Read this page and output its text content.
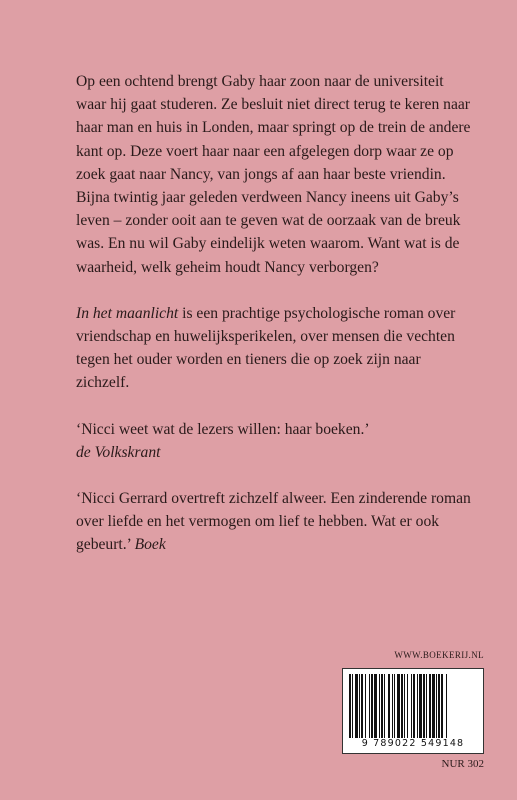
Op een ochtend brengt Gaby haar zoon naar de universiteit waar hij gaat studeren. Ze besluit niet direct terug te keren naar haar man en huis in Londen, maar springt op de trein de andere kant op. Deze voert haar naar een afgelegen dorp waar ze op zoek gaat naar Nancy, van jongs af aan haar beste vriendin.

Bijna twintig jaar geleden verdween Nancy ineens uit Gaby’s leven – zonder ooit aan te geven wat de oorzaak van de breuk was. En nu wil Gaby eindelijk weten waarom. Want wat is de waarheid, welk geheim houdt Nancy verborgen?

In het maanlicht is een prachtige psychologische roman over vriendschap en huwelijksperikelen, over mensen die vechten tegen het ouder worden en tieners die op zoek zijn naar zichzelf.

‘Nicci weet wat de lezers willen: haar boeken.’
de Volkskrant

‘Nicci Gerrard overtreft zichzelf alweer. Een zinderende roman over liefde en het vermogen om lief te hebben. Wat er ook gebeurt.’ Boek

WWW.BOEKERIJ.NL
9 789022 549148
NUR 302
